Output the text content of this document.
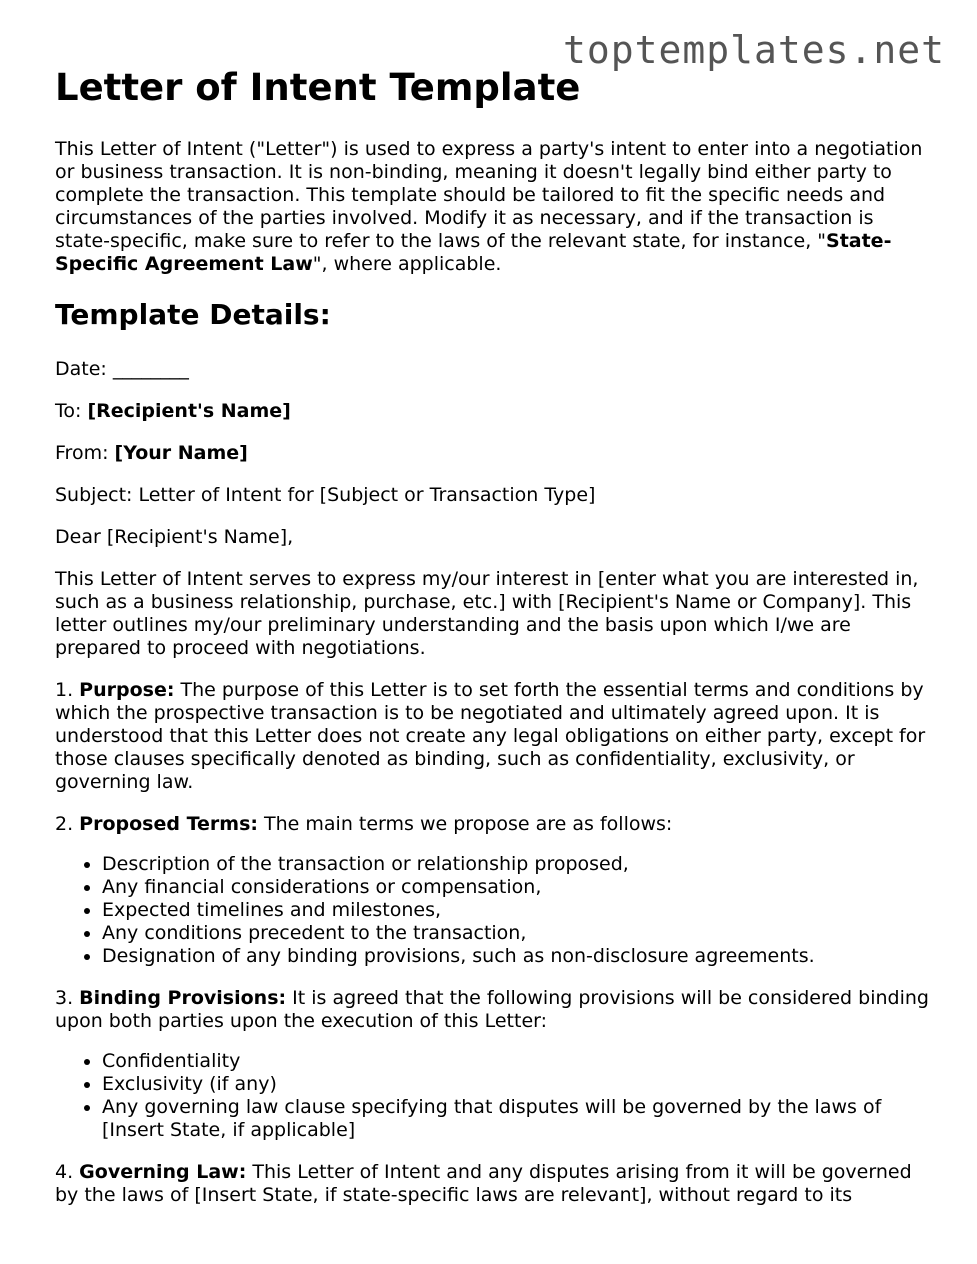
toptemplates.net
Letter of Intent Template

This Letter of Intent ("Letter") is used to express a party's intent to enter into a negotiation or business transaction. It is non-binding, meaning it doesn't legally bind either party to complete the transaction. This template should be tailored to fit the specific needs and circumstances of the parties involved. Modify it as necessary, and if the transaction is state-specific, make sure to refer to the laws of the relevant state, for instance, "State-Specific Agreement Law", where applicable.

Template Details:

Date: ________

To: [Recipient's Name]

From: [Your Name]

Subject: Letter of Intent for [Subject or Transaction Type]

Dear [Recipient's Name],

This Letter of Intent serves to express my/our interest in [enter what you are interested in, such as a business relationship, purchase, etc.] with [Recipient's Name or Company]. This letter outlines my/our preliminary understanding and the basis upon which I/we are prepared to proceed with negotiations.

1. Purpose: The purpose of this Letter is to set forth the essential terms and conditions by which the prospective transaction is to be negotiated and ultimately agreed upon. It is understood that this Letter does not create any legal obligations on either party, except for those clauses specifically denoted as binding, such as confidentiality, exclusivity, or governing law.

2. Proposed Terms: The main terms we propose are as follows:

• Description of the transaction or relationship proposed,
• Any financial considerations or compensation,
• Expected timelines and milestones,
• Any conditions precedent to the transaction,
• Designation of any binding provisions, such as non-disclosure agreements.

3. Binding Provisions: It is agreed that the following provisions will be considered binding upon both parties upon the execution of this Letter:

• Confidentiality
• Exclusivity (if any)
• Any governing law clause specifying that disputes will be governed by the laws of [Insert State, if applicable]

4. Governing Law: This Letter of Intent and any disputes arising from it will be governed by the laws of [Insert State, if state-specific laws are relevant], without regard to its
